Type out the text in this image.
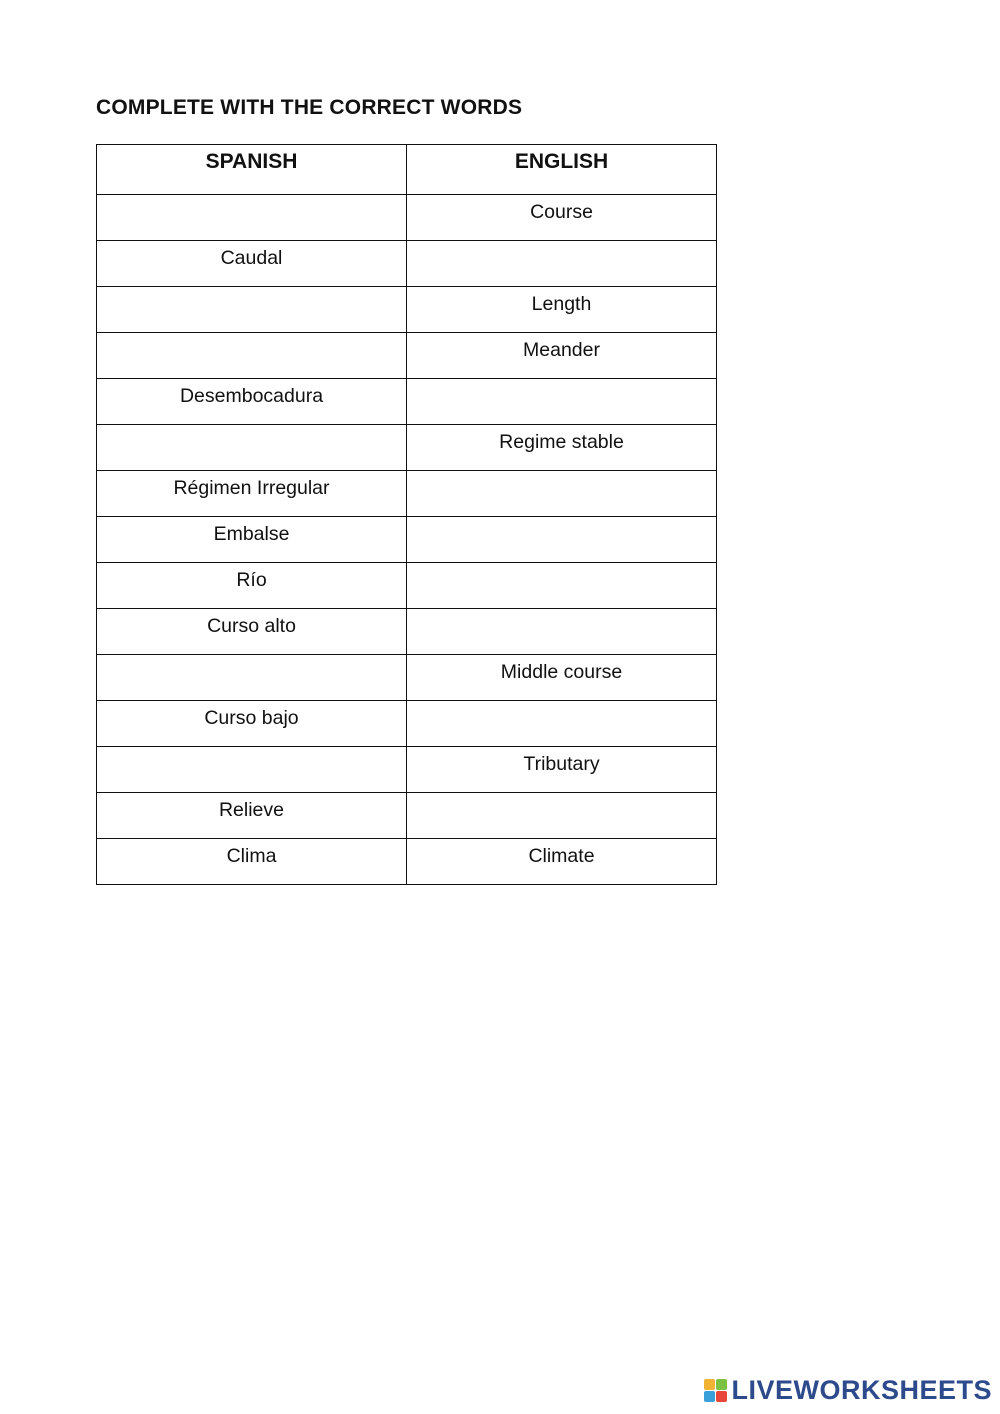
COMPLETE WITH THE CORRECT WORDS
SPANISH	ENGLISH
	Course
Caudal	
	Length
	Meander
Desembocadura	
	Regime stable
Régimen Irregular	
Embalse	
Río	
Curso alto	
	Middle course
Curso bajo	
	Tributary
Relieve	
Clima	Climate
LIVEWORKSHEETS
